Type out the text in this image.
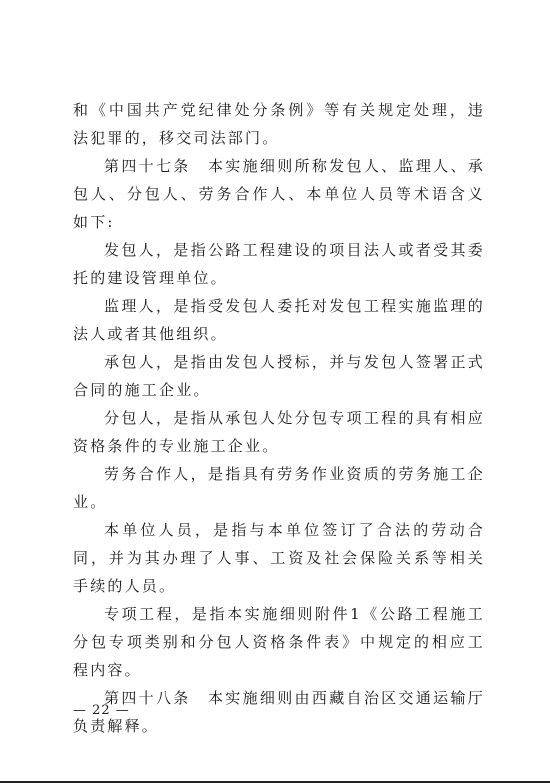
和《中国共产党纪律处分条例》等有关规定处理，违法犯罪的，移交司法部门。

第四十七条　本实施细则所称发包人、监理人、承包人、分包人、劳务合作人、本单位人员等术语含义如下:

发包人，是指公路工程建设的项目法人或者受其委托的建设管理单位。

监理人，是指受发包人委托对发包工程实施监理的法人或者其他组织。

承包人，是指由发包人授标，并与发包人签署正式合同的施工企业。

分包人，是指从承包人处分包专项工程的具有相应资格条件的专业施工企业。

劳务合作人，是指具有劳务作业资质的劳务施工企业。

本单位人员，是指与本单位签订了合法的劳动合同，并为其办理了人事、工资及社会保险关系等相关手续的人员。

专项工程，是指本实施细则附件1《公路工程施工分包专项类别和分包人资格条件表》中规定的相应工程内容。

第四十八条　本实施细则由西藏自治区交通运输厅负责解释。

— 22 —
